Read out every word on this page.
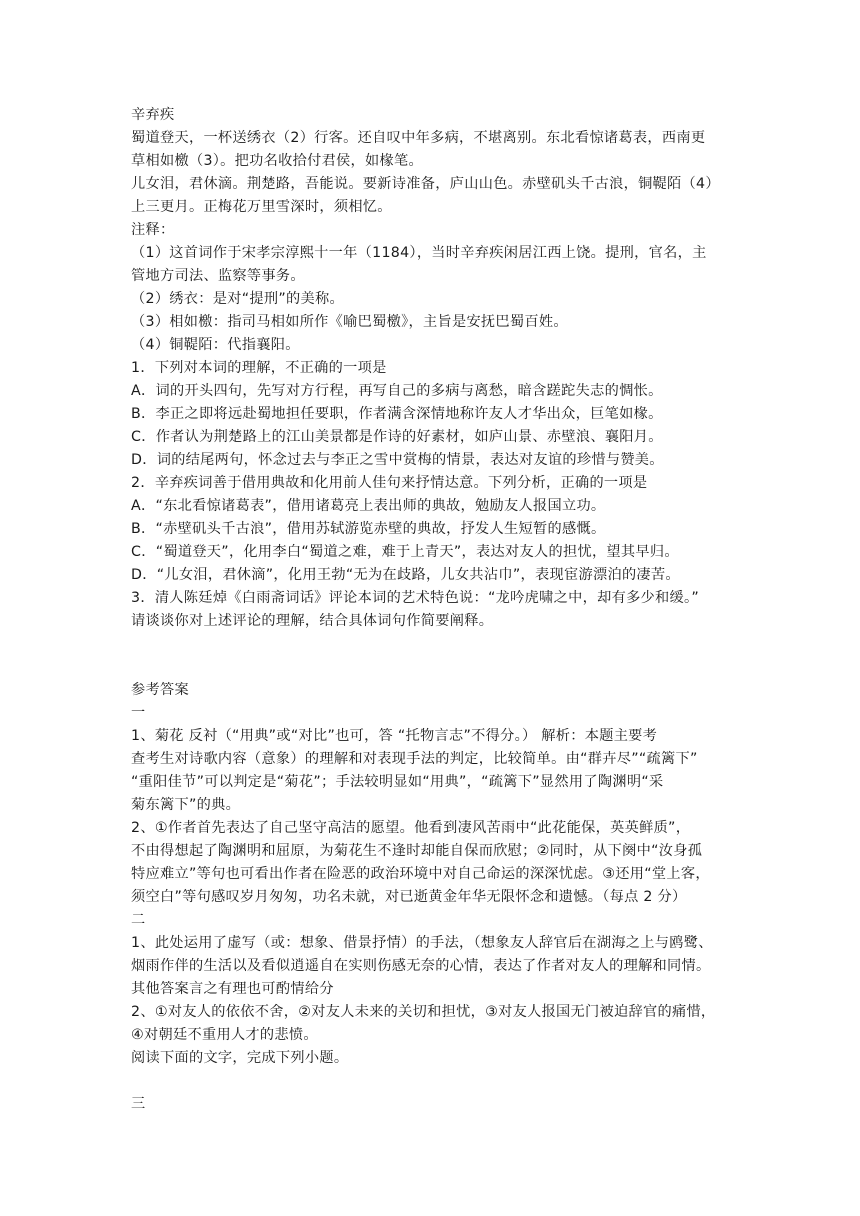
辛弃疾

蜀道登天，一杯送绣衣（2）行客。还自叹中年多病，不堪离别。东北看惊诸葛表，西南更

草相如檄（3）。把功名收拾付君侯，如椽笔。

儿女泪，君休滴。荆楚路，吾能说。要新诗准备，庐山山色。赤壁矶头千古浪，铜鞮陌（4）

上三更月。正梅花万里雪深时，须相忆。

注释：

（1）这首词作于宋孝宗淳熙十一年（1184），当时辛弃疾闲居江西上饶。提刑，官名，主

管地方司法、监察等事务。

（2）绣衣：是对“提刑”的美称。

（3）相如檄：指司马相如所作《喻巴蜀檄》，主旨是安抚巴蜀百姓。

（4）铜鞮陌：代指襄阳。

1．下列对本词的理解，不正确的一项是

A．词的开头四句，先写对方行程，再写自己的多病与离愁，暗含蹉跎失志的惆怅。

B．李正之即将远赴蜀地担任要职，作者满含深情地称许友人才华出众，巨笔如椽。

C．作者认为荆楚路上的江山美景都是作诗的好素材，如庐山景、赤壁浪、襄阳月。

D．词的结尾两句，怀念过去与李正之雪中赏梅的情景，表达对友谊的珍惜与赞美。

2．辛弃疾词善于借用典故和化用前人佳句来抒情达意。下列分析，正确的一项是

A．“东北看惊诸葛表”，借用诸葛亮上表出师的典故，勉励友人报国立功。

B．“赤壁矶头千古浪”，借用苏轼游览赤壁的典故，抒发人生短暂的感慨。

C．“蜀道登天”，化用李白“蜀道之难，难于上青天”，表达对友人的担忧，望其早归。

D．“儿女泪，君休滴”，化用王勃“无为在歧路，儿女共沾巾”，表现宦游漂泊的凄苦。

3．清人陈廷焯《白雨斋词话》评论本词的艺术特色说：“龙吟虎啸之中，却有多少和缓。”

请谈谈你对上述评论的理解，结合具体词句作简要阐释。

参考答案

一

1、菊花 反衬（“用典”或“对比”也可，答 “托物言志”不得分。） 解析：本题主要考

查考生对诗歌内容（意象）的理解和对表现手法的判定，比较简单。由“群卉尽”“疏篱下”

“重阳佳节”可以判定是“菊花”；手法较明显如“用典”，“疏篱下”显然用了陶渊明“采

菊东篱下”的典。

2、①作者首先表达了自己坚守高洁的愿望。他看到凄风苦雨中“此花能保，英英鲜质”，

不由得想起了陶渊明和屈原，为菊花生不逢时却能自保而欣慰；②同时，从下阕中“汝身孤

特应难立”等句也可看出作者在险恶的政治环境中对自己命运的深深忧虑。③还用“堂上客，

须空白”等句感叹岁月匆匆，功名未就，对已逝黄金年华无限怀念和遗憾。（每点 2 分）

二

1、此处运用了虚写（或：想象、借景抒情）的手法，（想象友人辞官后在湖海之上与鸥鹭、

烟雨作伴的生活以及看似逍遥自在实则伤感无奈的心情，表达了作者对友人的理解和同情。

其他答案言之有理也可酌情给分

2、①对友人的依依不舍，②对友人未来的关切和担忧，③对友人报国无门被迫辞官的痛惜，

④对朝廷不重用人才的悲愤。

阅读下面的文字，完成下列小题。

三
